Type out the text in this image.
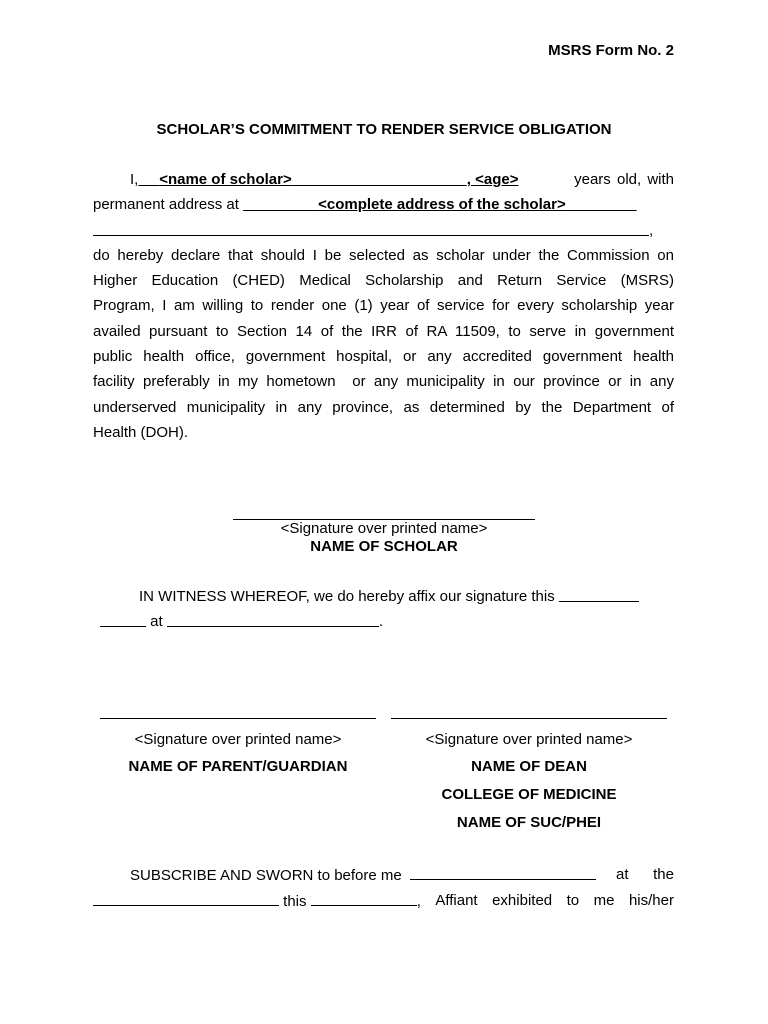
MSRS Form No. 2
SCHOLAR’S COMMITMENT TO RENDER SERVICE OBLIGATION
I,
<name of scholar>
	,
<age>
	years old, with
permanent address at

	<complete address of the scholar>

,
do hereby declare that should I be selected as scholar under the Commission on
Higher Education (CHED) Medical Scholarship and Return Service (MSRS)
Program, I am willing to render one (1) year of service for every scholarship year
availed pursuant to Section 14 of the IRR of RA 11509, to serve in government
public health office, government hospital, or any accredited government health
facility preferably in my hometown  or any municipality in our province or in any
underserved municipality in any province, as determined by the Department of
Health (DOH).
<Signature over printed name>
NAME OF SCHOLAR
IN WITNESS WHEREOF, we do hereby affix our signature this

at
	.
<Signature over printed name>
NAME OF PARENT/GUARDIAN
<Signature over printed name>
NAME OF DEAN
COLLEGE OF MEDICINE
NAME OF SUC/PHEI
SUBSCRIBE AND SWORN to before me
	at the

this
	, Affiant exhibited to me his/her
